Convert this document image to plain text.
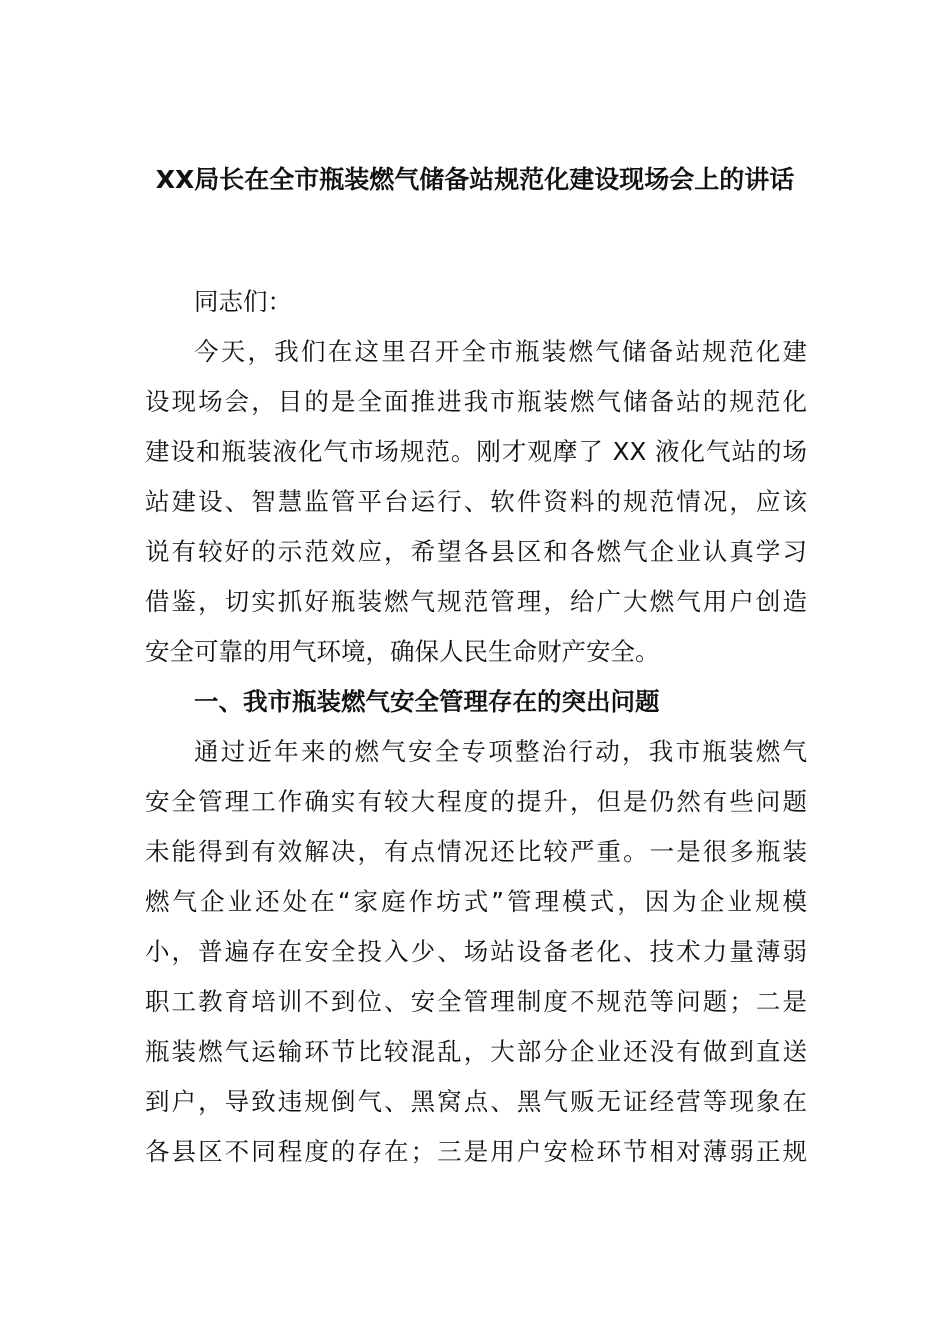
XX局长在全市瓶装燃气储备站规范化建设现场会上的讲话
同志们：
今天，我们在这里召开全市瓶装燃气储备站规范化建
设现场会，目的是全面推进我市瓶装燃气储备站的规范化
建设和瓶装液化气市场规范。刚才观摩了 XX 液化气站的场
站建设、智慧监管平台运行、软件资料的规范情况，应该
说有较好的示范效应，希望各县区和各燃气企业认真学习
借鉴，切实抓好瓶装燃气规范管理，给广大燃气用户创造
安全可靠的用气环境，确保人民生命财产安全。
一、我市瓶装燃气安全管理存在的突出问题
通过近年来的燃气安全专项整治行动，我市瓶装燃气
安全管理工作确实有较大程度的提升，但是仍然有些问题
未能得到有效解决，有点情况还比较严重。一是很多瓶装
燃气企业还处在“家庭作坊式”管理模式，因为企业规模
小，普遍存在安全投入少、场站设备老化、技术力量薄弱
职工教育培训不到位、安全管理制度不规范等问题；二是
瓶装燃气运输环节比较混乱，大部分企业还没有做到直送
到户，导致违规倒气、黑窝点、黑气贩无证经营等现象在
各县区不同程度的存在；三是用户安检环节相对薄弱正规
